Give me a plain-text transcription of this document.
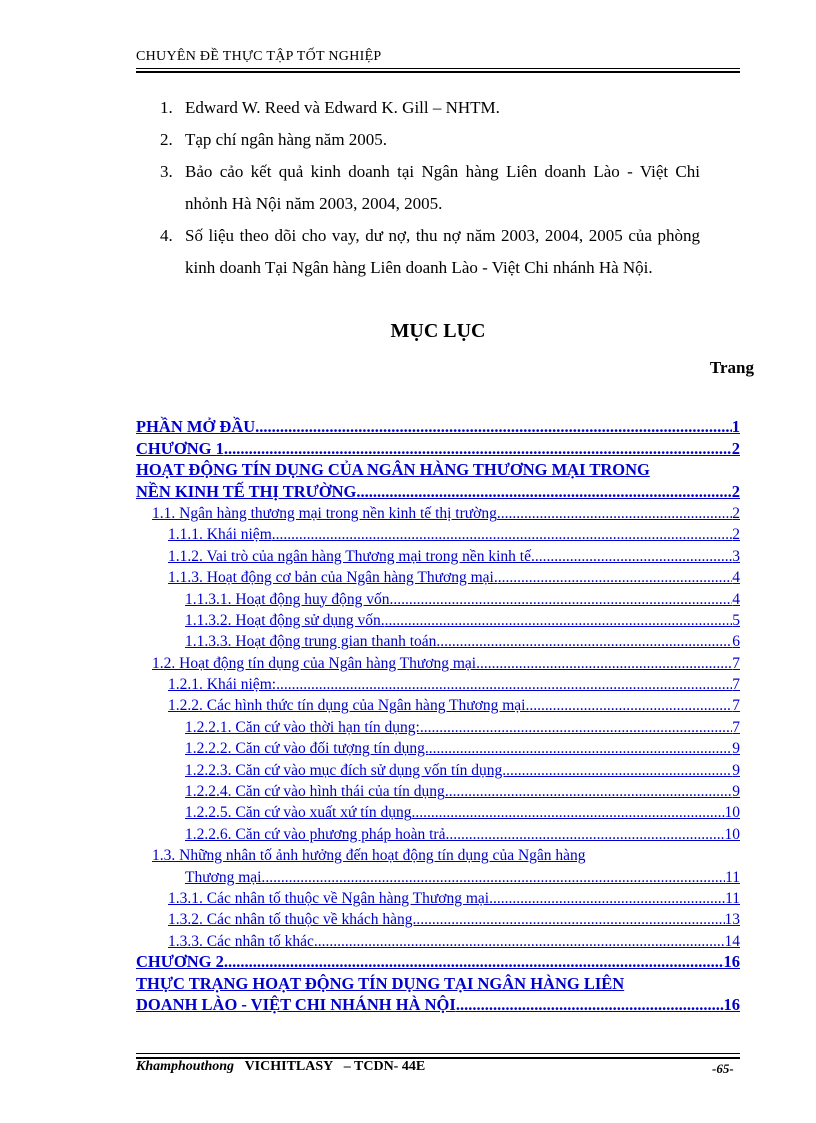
CHUYÊN ĐỀ THỰC TẬP TỐT NGHIỆP
1. Edward W. Reed và Edward K. Gill – NHTM.
2. Tạp chí ngân hàng năm 2005.
3. Bảo cảo kết quả kinh doanh tại Ngân hàng Liên doanh Lào - Việt Chi nhỏnh Hà Nội năm 2003, 2004, 2005.
4. Số liệu theo dõi cho vay, dư nợ, thu nợ năm 2003, 2004, 2005 của phòng kinh doanh Tại Ngân hàng Liên doanh Lào - Việt Chi nhánh Hà Nội.
MỤC LỤC
Trang
PHẦN MỞ ĐẦU .....	1
CHƯƠNG 1 .....	2
HOẠT ĐỘNG TÍN DỤNG CỦA NGÂN HÀNG THƯƠNG MẠI TRONG
NỀN KINH TẾ THỊ TRƯỜNG .....	2
1.1. Ngân hàng thương mại trong nền kinh tế thị trường .....	2
1.1.1. Khái niệm .....	2
1.1.2. Vai trò của ngân hàng Thương mại trong nền kinh tế .....	3
1.1.3. Hoạt động cơ bản của Ngân hàng Thương mại. .....	4
1.1.3.1. Hoạt động huy động vốn. .....	4
1.1.3.2. Hoạt động sử dụng vốn. .....	5
1.1.3.3. Hoạt động trung gian thanh toán. .....	6
1.2. Hoạt động tín dụng của Ngân hàng Thương mại. .....	7
1.2.1. Khái niệm: .....	7
1.2.2. Các hình thức tín dụng của Ngân hàng Thương mại. .....	7
1.2.2.1. Căn cứ vào thời hạn tín dụng: .....	7
1.2.2.2. Căn cứ vào đối tượng tín dụng. .....	9
1.2.2.3. Căn cứ vào mục đích sử dụng vốn tín dụng. .....	9
1.2.2.4. Căn cứ vào hình thái của tín dụng .....	9
1.2.2.5. Căn cứ vào xuất xứ tín dụng .....	10
1.2.2.6. Căn cứ vào phương pháp hoàn trả .....	10
1.3. Những nhân tố ảnh hưởng đến hoạt động tín dụng của Ngân hàng
Thương mại. .....	11
1.3.1. Các nhân tố thuộc về Ngân hàng Thương mại. .....	11
1.3.2. Các nhân tố thuộc về khách hàng. .....	13
1.3.3. Các nhân tố khác .....	14
CHƯƠNG 2 .....	16
THỰC TRẠNG HOẠT ĐỘNG TÍN DỤNG TẠI NGÂN HÀNG LIÊN
DOANH LÀO - VIỆT CHI NHÁNH HÀ NỘI .....	16
Khamphouthong VICHITLASY – TCDN- 44E	-65-
